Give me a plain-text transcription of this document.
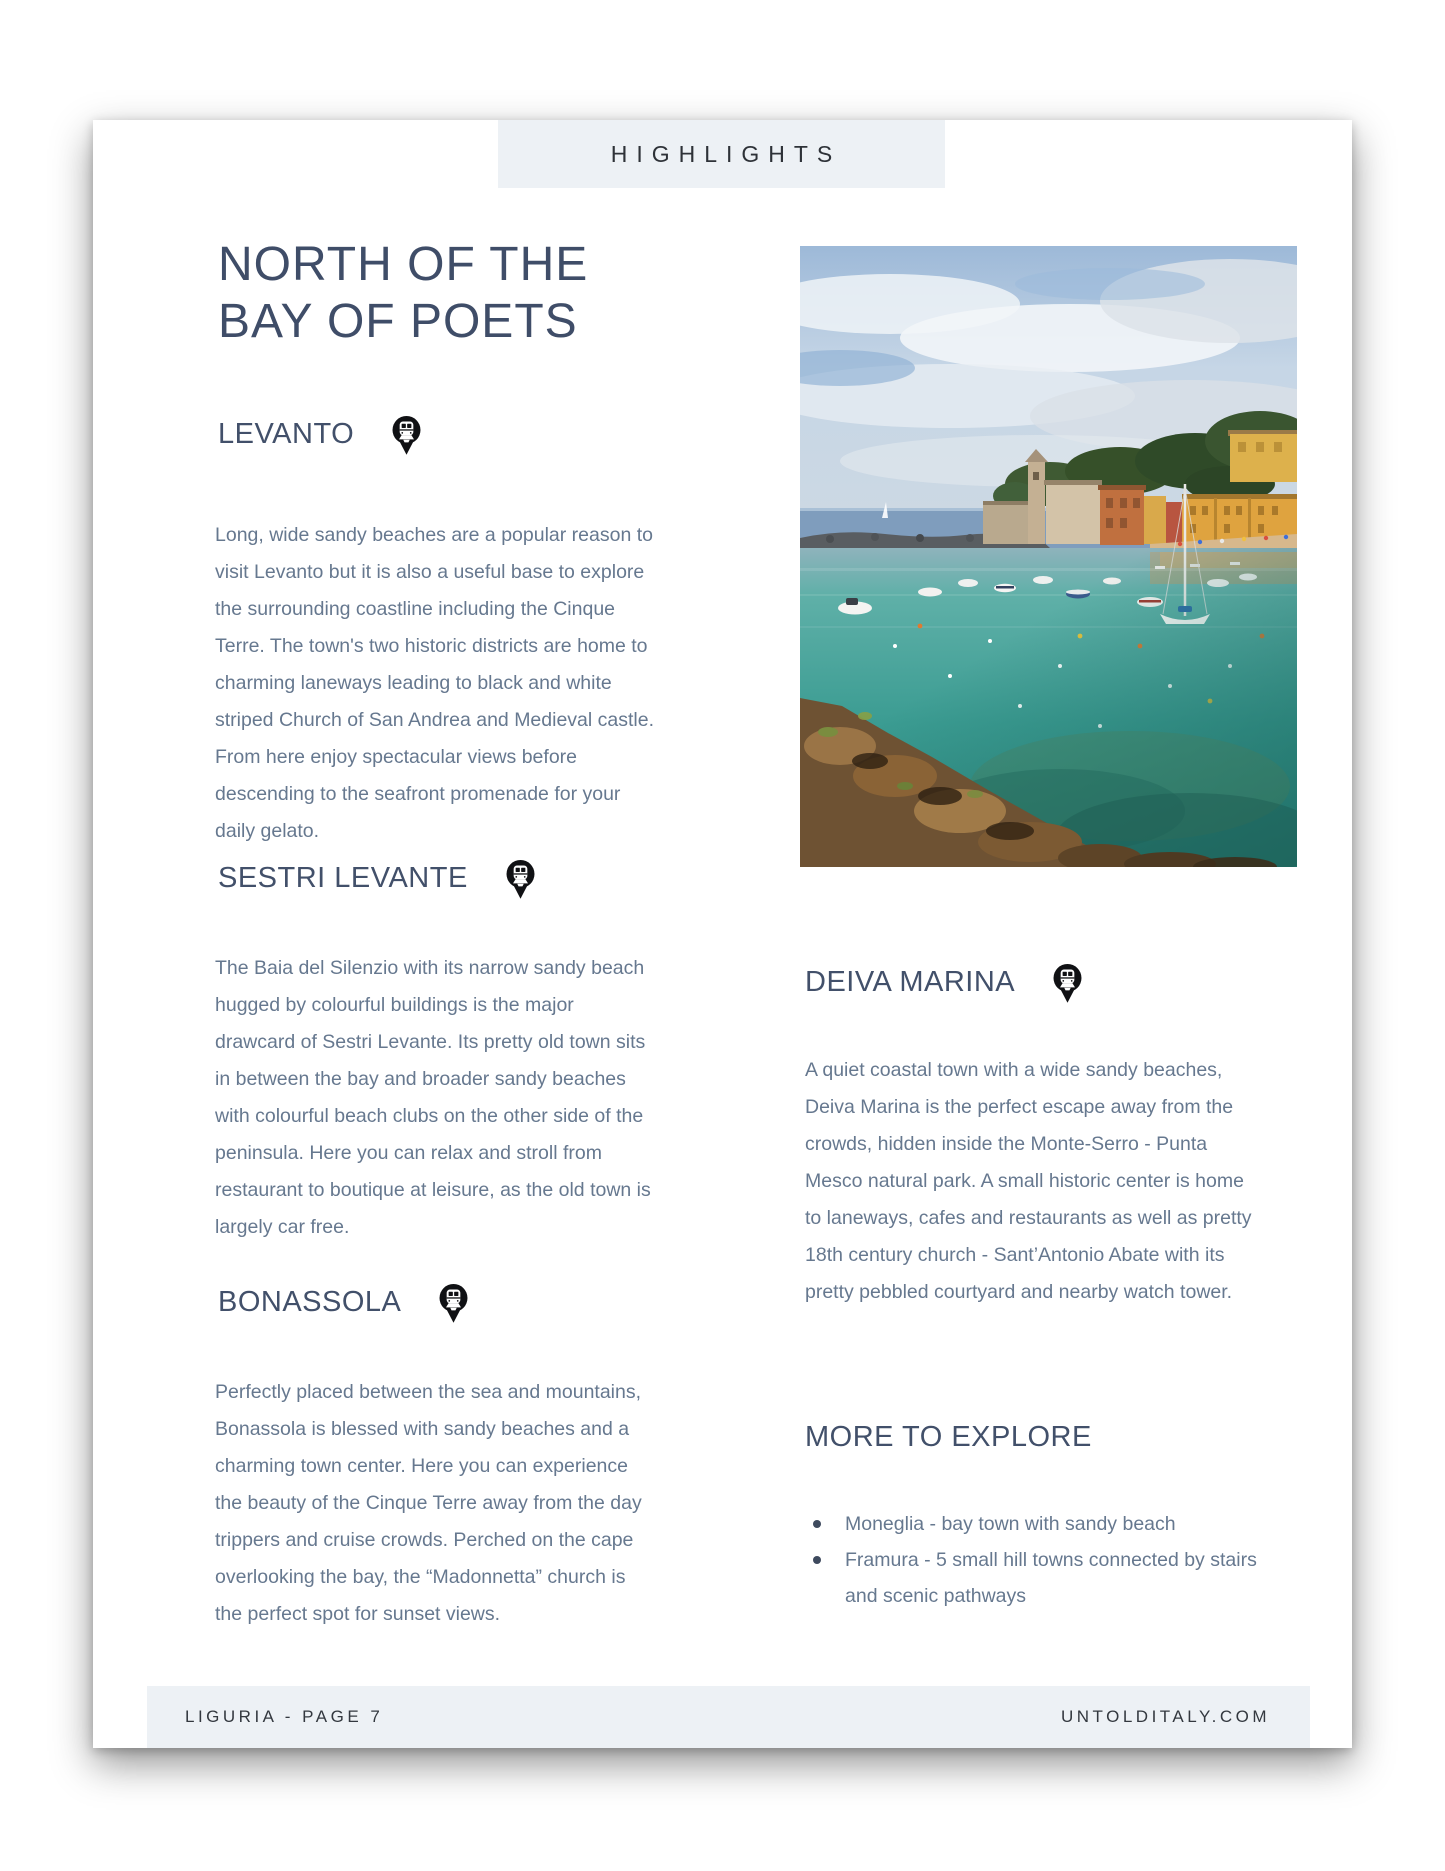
HIGHLIGHTS
NORTH OF THE
BAY OF POETS
LEVANTO

Long, wide sandy beaches are a popular reason to visit Levanto but it is also a useful base to explore the surrounding coastline including the Cinque Terre. The town's two historic districts are home to charming laneways leading to black and white striped Church of San Andrea and Medieval castle. From here enjoy spectacular views before descending to the seafront promenade for your daily gelato.

SESTRI LEVANTE

The Baia del Silenzio with its narrow sandy beach hugged by colourful buildings is the major drawcard of Sestri Levante. Its pretty old town sits in between the bay and broader sandy beaches with colourful beach clubs on the other side of the peninsula. Here you can relax and stroll from restaurant to boutique at leisure, as the old town is largely car free.

BONASSOLA

Perfectly placed between the sea and mountains, Bonassola is blessed with sandy beaches and a charming town center. Here you can experience the beauty of the Cinque Terre away from the day trippers and cruise crowds. Perched on the cape overlooking the bay, the “Madonnetta” church is the perfect spot for sunset views.

DEIVA MARINA

A quiet coastal town with a wide sandy beaches, Deiva Marina is the perfect escape away from the crowds, hidden inside the Monte-Serro - Punta Mesco natural park. A small historic center is home to laneways, cafes and restaurants as well as pretty 18th century church - Sant’Antonio Abate with its pretty pebbled courtyard and nearby watch tower.

MORE TO EXPLORE
Moneglia - bay town with sandy beach
Framura - 5 small hill towns connected by stairs and scenic pathways
LIGURIA - PAGE 7	UNTOLDITALY.COM
